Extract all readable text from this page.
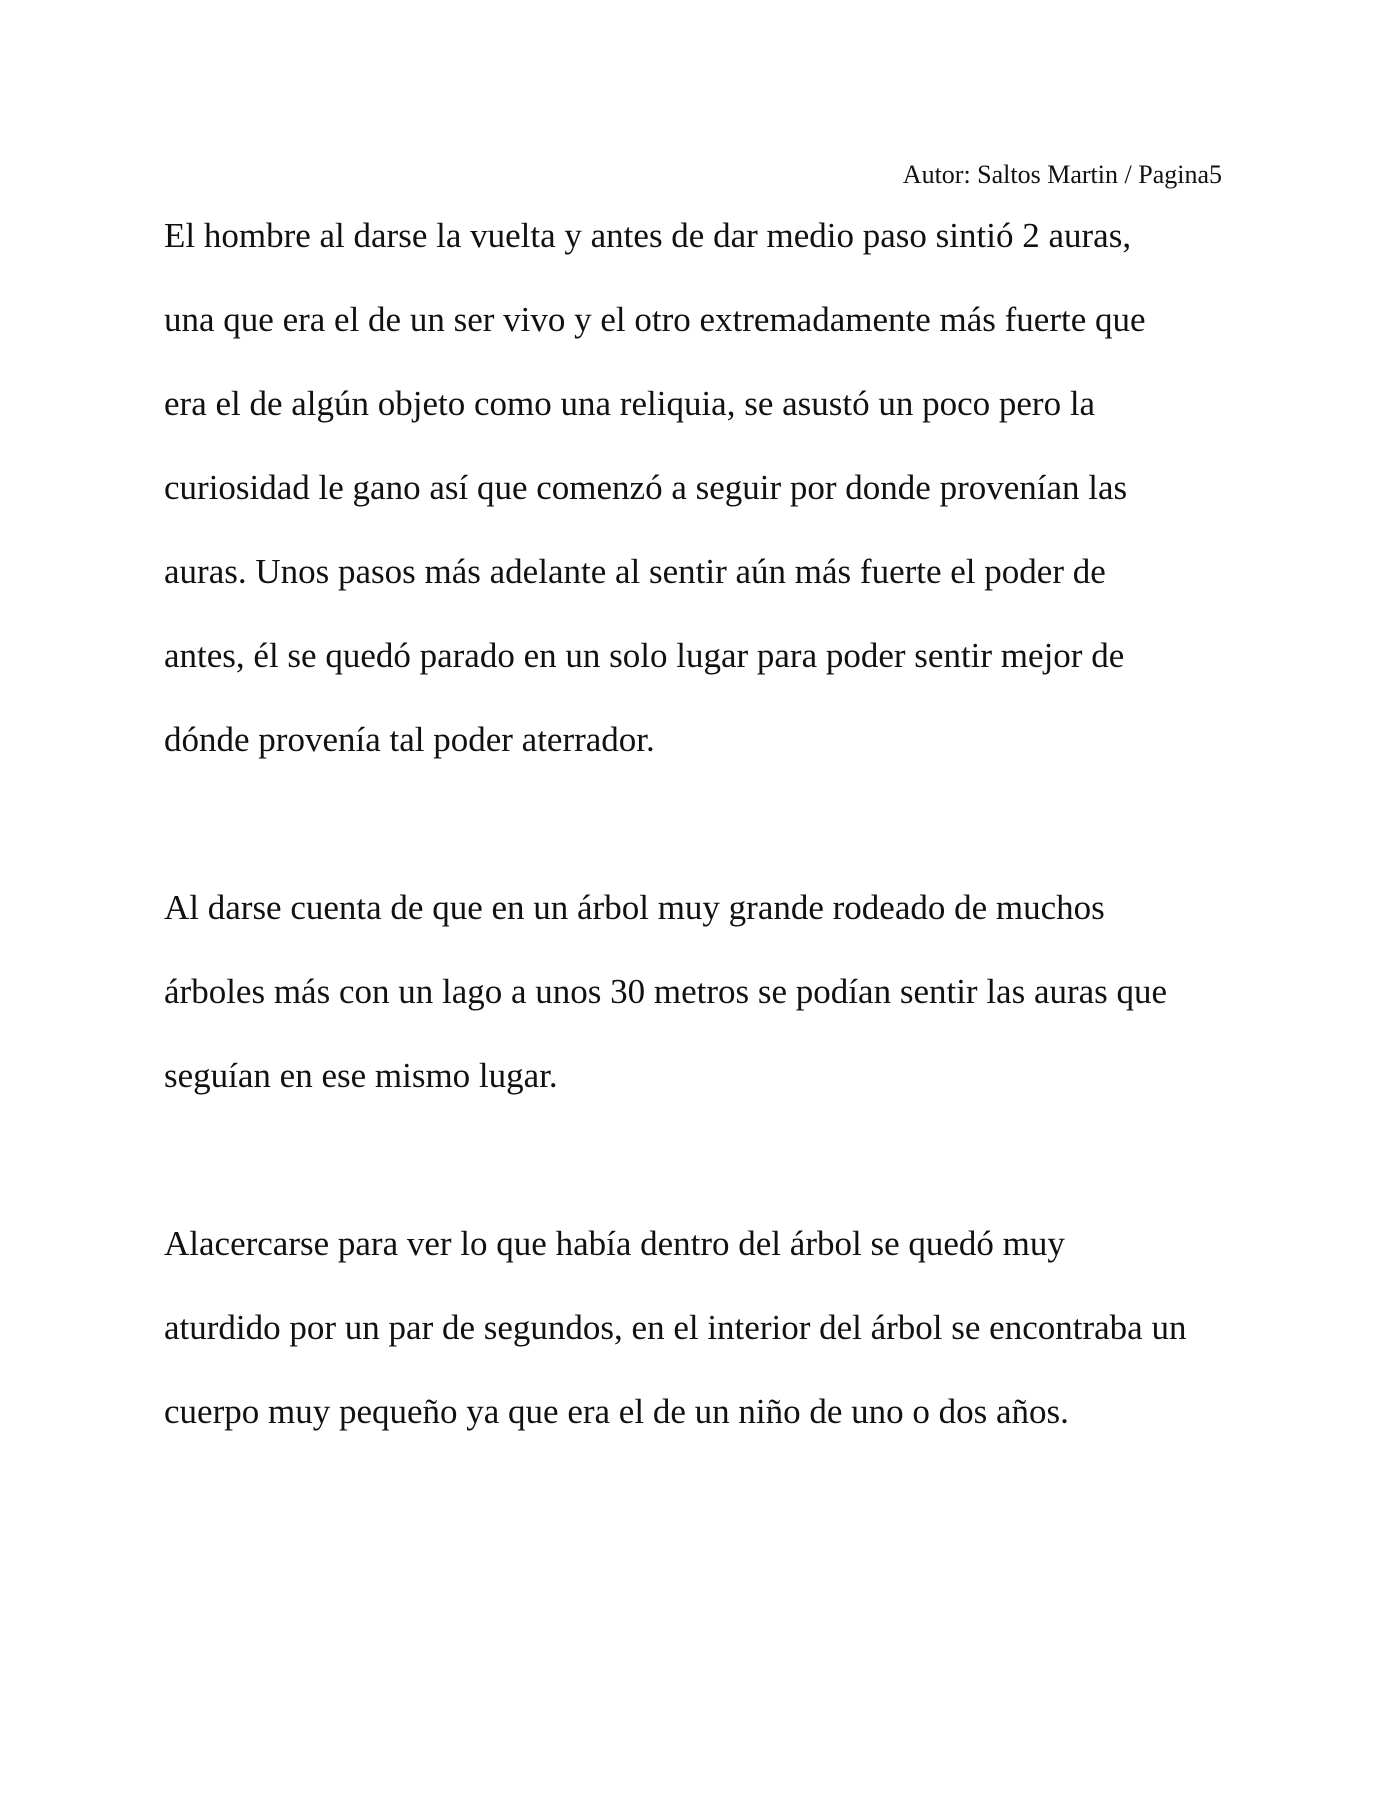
Autor: Saltos Martin / Pagina5
El hombre al darse la vuelta y antes de dar medio paso sintió 2 auras,
una que era el de un ser vivo y el otro extremadamente más fuerte que
era el de algún objeto como una reliquia, se asustó un poco pero la
curiosidad le gano así que comenzó a seguir por donde provenían las
auras. Unos pasos más adelante al sentir aún más fuerte el poder de
antes, él se quedó parado en un solo lugar para poder sentir mejor de
dónde provenía tal poder aterrador.
Al darse cuenta de que en un árbol muy grande rodeado de muchos
árboles más con un lago a unos 30 metros se podían sentir las auras que
seguían en ese mismo lugar.
Alacercarse para ver lo que había dentro del árbol se quedó muy
aturdido por un par de segundos, en el interior del árbol se encontraba un
cuerpo muy pequeño ya que era el de un niño de uno o dos años.
